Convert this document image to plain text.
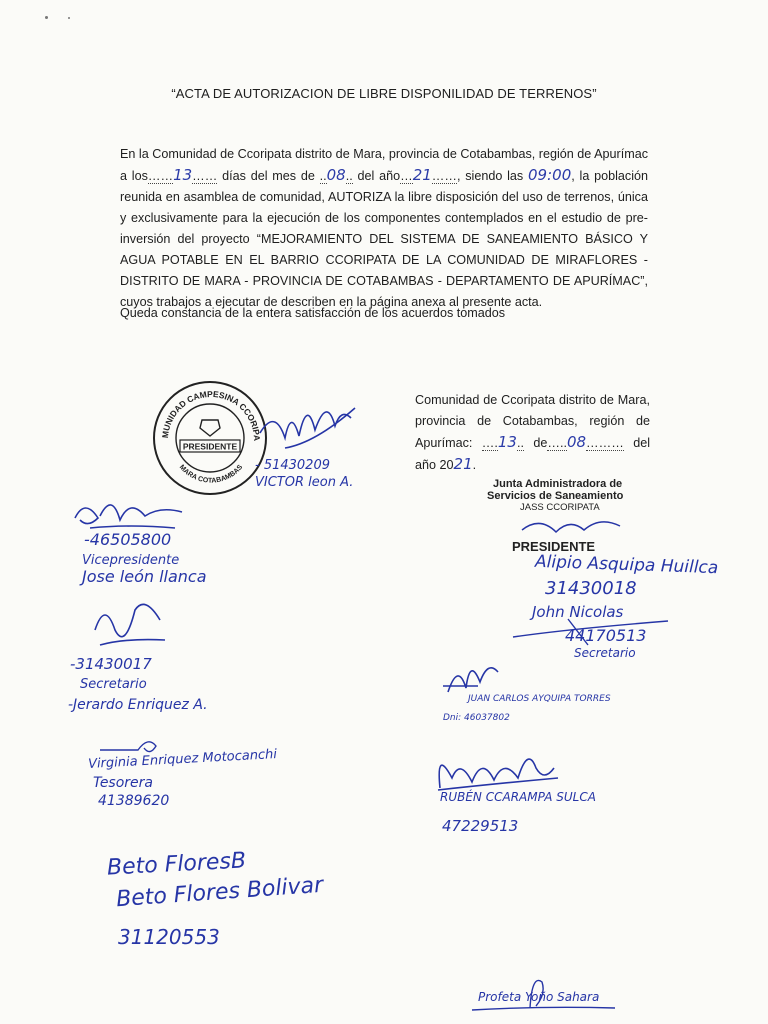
“ACTA DE AUTORIZACION DE LIBRE DISPONILIDAD DE TERRENOS”
En la Comunidad de Ccoripata distrito de Mara, provincia de Cotabambas, región de Apurímac a los……13…… días del mes de ..08.. del año…21……, siendo las 09:00, la población reunida en asamblea de comunidad, AUTORIZA la libre disposición del uso de terrenos, única y exclusivamente para la ejecución de los componentes contemplados en el estudio de pre-inversión del proyecto “MEJORAMIENTO DEL SISTEMA DE SANEAMIENTO BÁSICO Y AGUA POTABLE EN EL BARRIO CCORIPATA DE LA COMUNIDAD DE MIRAFLORES - DISTRITO DE MARA - PROVINCIA DE COTABAMBAS - DEPARTAMENTO DE APURÍMAC”, cuyos trabajos a ejecutar de describen en la página anexa al presente acta.
Queda constancia de la entera satisfacción de los acuerdos tomados
Comunidad de Ccoripata distrito de Mara, provincia de Cotabambas, región de Apurímac: ….13.. de…..08……… del año 2021.
COMUNIDAD CAMPESINA CCORIPATA
MARA COTABAMBAS
PRESIDENTE
- 51430209
VICTOR leon A.	Junta Administradora de
Servicios de Saneamiento
JASS CCORIPATA
PRESIDENTE
-46505800
Vicepresidente
Jose león llanca	Alipio Asquipa Huillca
31430018
John Nicolas
44170513
Secretario
-31430017
Secretario
-Jerardo Enriquez A.	JUAN CARLOS AYQUIPA TORRES
Dni: 46037802
Virginia Enriquez Motocanchi
Tesorera
41389620	RUBÉN CCARAMPA SULCA
47229513
Beto FloresB
Beto Flores Bolivar
31120553
Profeta Yoño Sahara
